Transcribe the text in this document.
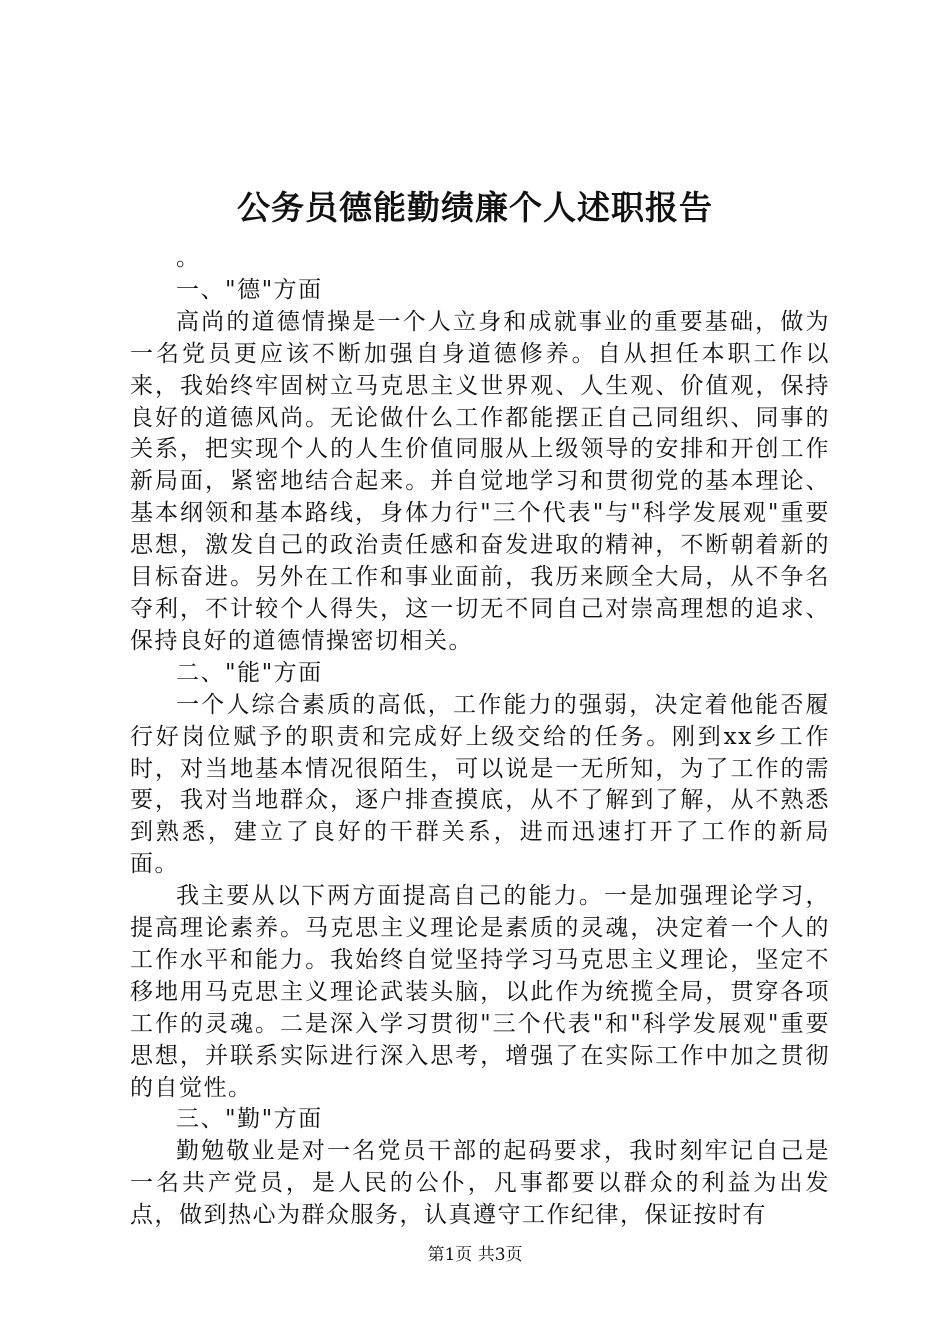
公务员德能勤绩廉个人述职报告

。

一、"德"方面

高尚的道德情操是一个人立身和成就事业的重要基础，做为一名党员更应该不断加强自身道德修养。自从担任本职工作以来，我始终牢固树立马克思主义世界观、人生观、价值观，保持良好的道德风尚。无论做什么工作都能摆正自己同组织、同事的关系，把实现个人的人生价值同服从上级领导的安排和开创工作新局面，紧密地结合起来。并自觉地学习和贯彻党的基本理论、基本纲领和基本路线，身体力行"三个代表"与"科学发展观"重要思想，激发自己的政治责任感和奋发进取的精神，不断朝着新的目标奋进。另外在工作和事业面前，我历来顾全大局，从不争名夺利，不计较个人得失，这一切无不同自己对崇高理想的追求、保持良好的道德情操密切相关。

二、"能"方面

一个人综合素质的高低，工作能力的强弱，决定着他能否履行好岗位赋予的职责和完成好上级交给的任务。刚到xx乡工作时，对当地基本情况很陌生，可以说是一无所知，为了工作的需要，我对当地群众，逐户排查摸底，从不了解到了解，从不熟悉到熟悉，建立了良好的干群关系，进而迅速打开了工作的新局面。

我主要从以下两方面提高自己的能力。一是加强理论学习，提高理论素养。马克思主义理论是素质的灵魂，决定着一个人的工作水平和能力。我始终自觉坚持学习马克思主义理论，坚定不移地用马克思主义理论武装头脑，以此作为统揽全局，贯穿各项工作的灵魂。二是深入学习贯彻"三个代表"和"科学发展观"重要思想，并联系实际进行深入思考，增强了在实际工作中加之贯彻的自觉性。

三、"勤"方面

勤勉敬业是对一名党员干部的起码要求，我时刻牢记自己是一名共产党员，是人民的公仆，凡事都要以群众的利益为出发点，做到热心为群众服务，认真遵守工作纪律，保证按时有

第1页 共3页
